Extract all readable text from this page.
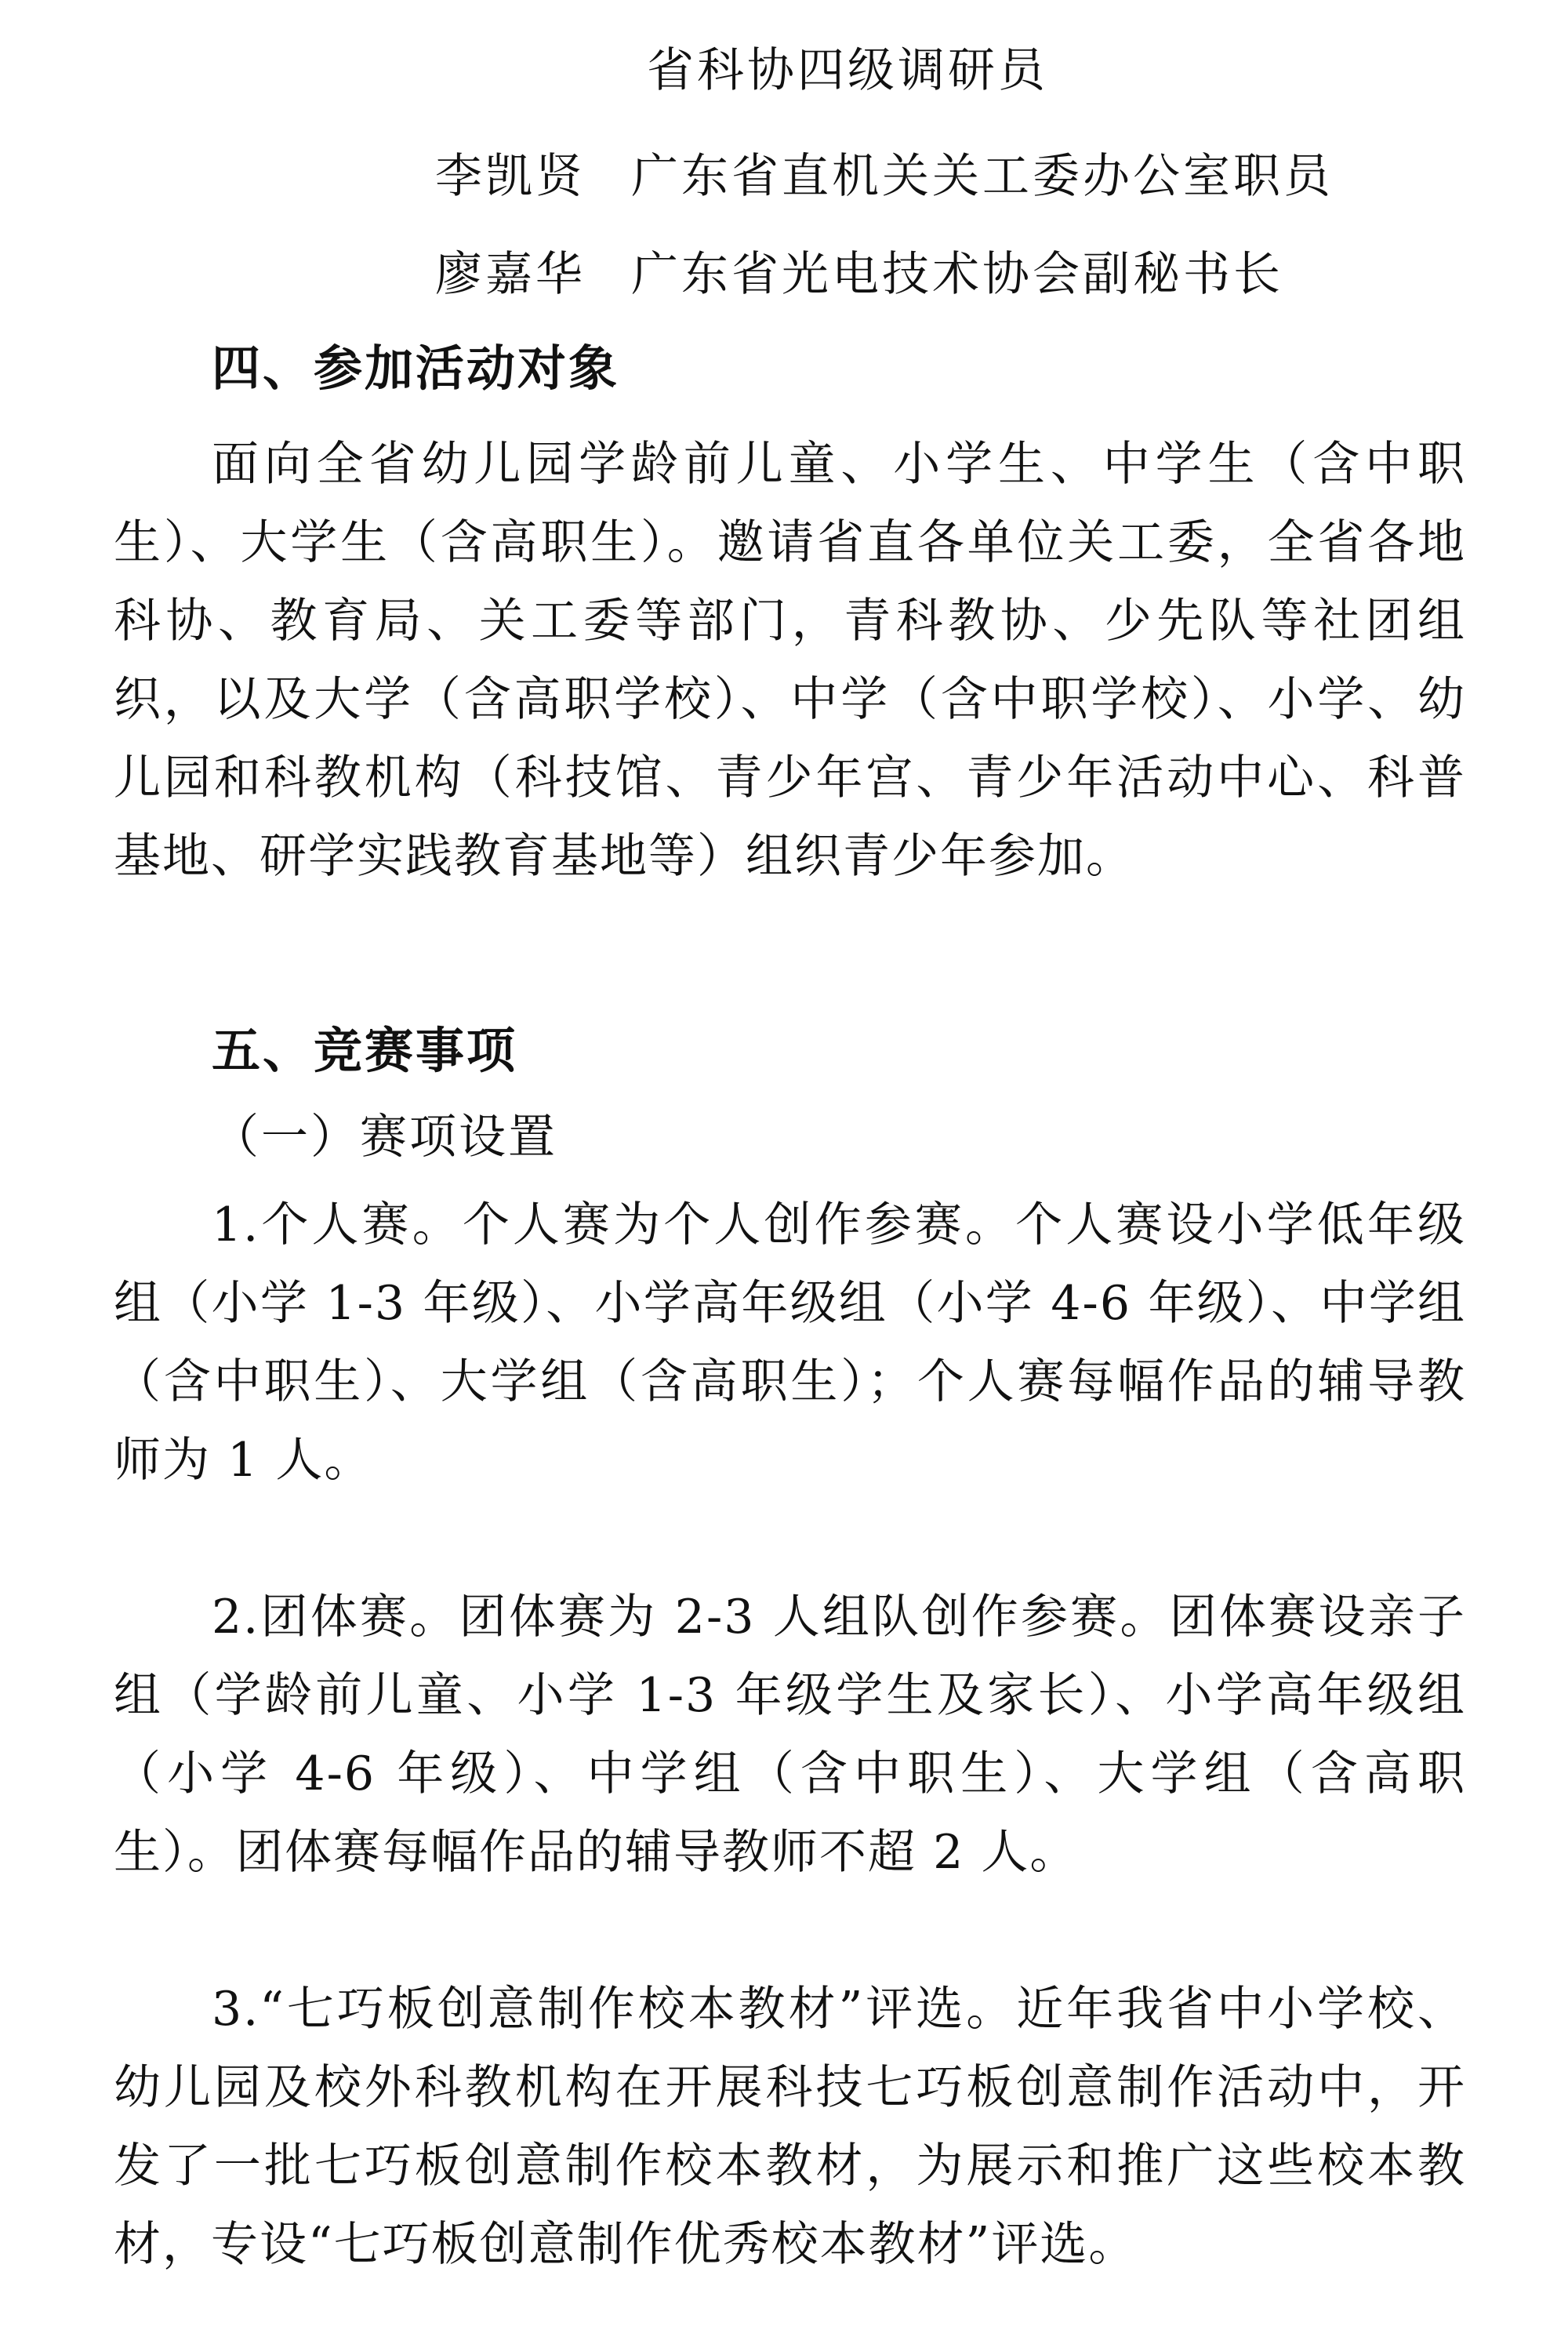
省科协四级调研员
李凯贤 广东省直机关关工委办公室职员
廖嘉华 广东省光电技术协会副秘书长
四、参加活动对象

面向全省幼儿园学龄前儿童、小学生、中学生（含中职生）、大学生（含高职生）。邀请省直各单位关工委，全省各地科协、教育局、关工委等部门，青科教协、少先队等社团组织，以及大学（含高职学校）、中学（含中职学校）、小学、幼儿园和科教机构（科技馆、青少年宫、青少年活动中心、科普基地、研学实践教育基地等）组织青少年参加。

五、竞赛事项
（一）赛项设置

1.个人赛。个人赛为个人创作参赛。个人赛设小学低年级组（小学 1-3 年级）、小学高年级组（小学 4-6 年级）、中学组（含中职生）、大学组（含高职生）；个人赛每幅作品的辅导教师为 1 人。

2.团体赛。团体赛为 2-3 人组队创作参赛。团体赛设亲子组（学龄前儿童、小学 1-3 年级学生及家长）、小学高年级组（小学 4-6 年级）、中学组（含中职生）、大学组（含高职生）。团体赛每幅作品的辅导教师不超 2 人。

3.“七巧板创意制作校本教材”评选。近年我省中小学校、幼儿园及校外科教机构在开展科技七巧板创意制作活动中，开发了一批七巧板创意制作校本教材，为展示和推广这些校本教材，专设“七巧板创意制作优秀校本教材”评选。
